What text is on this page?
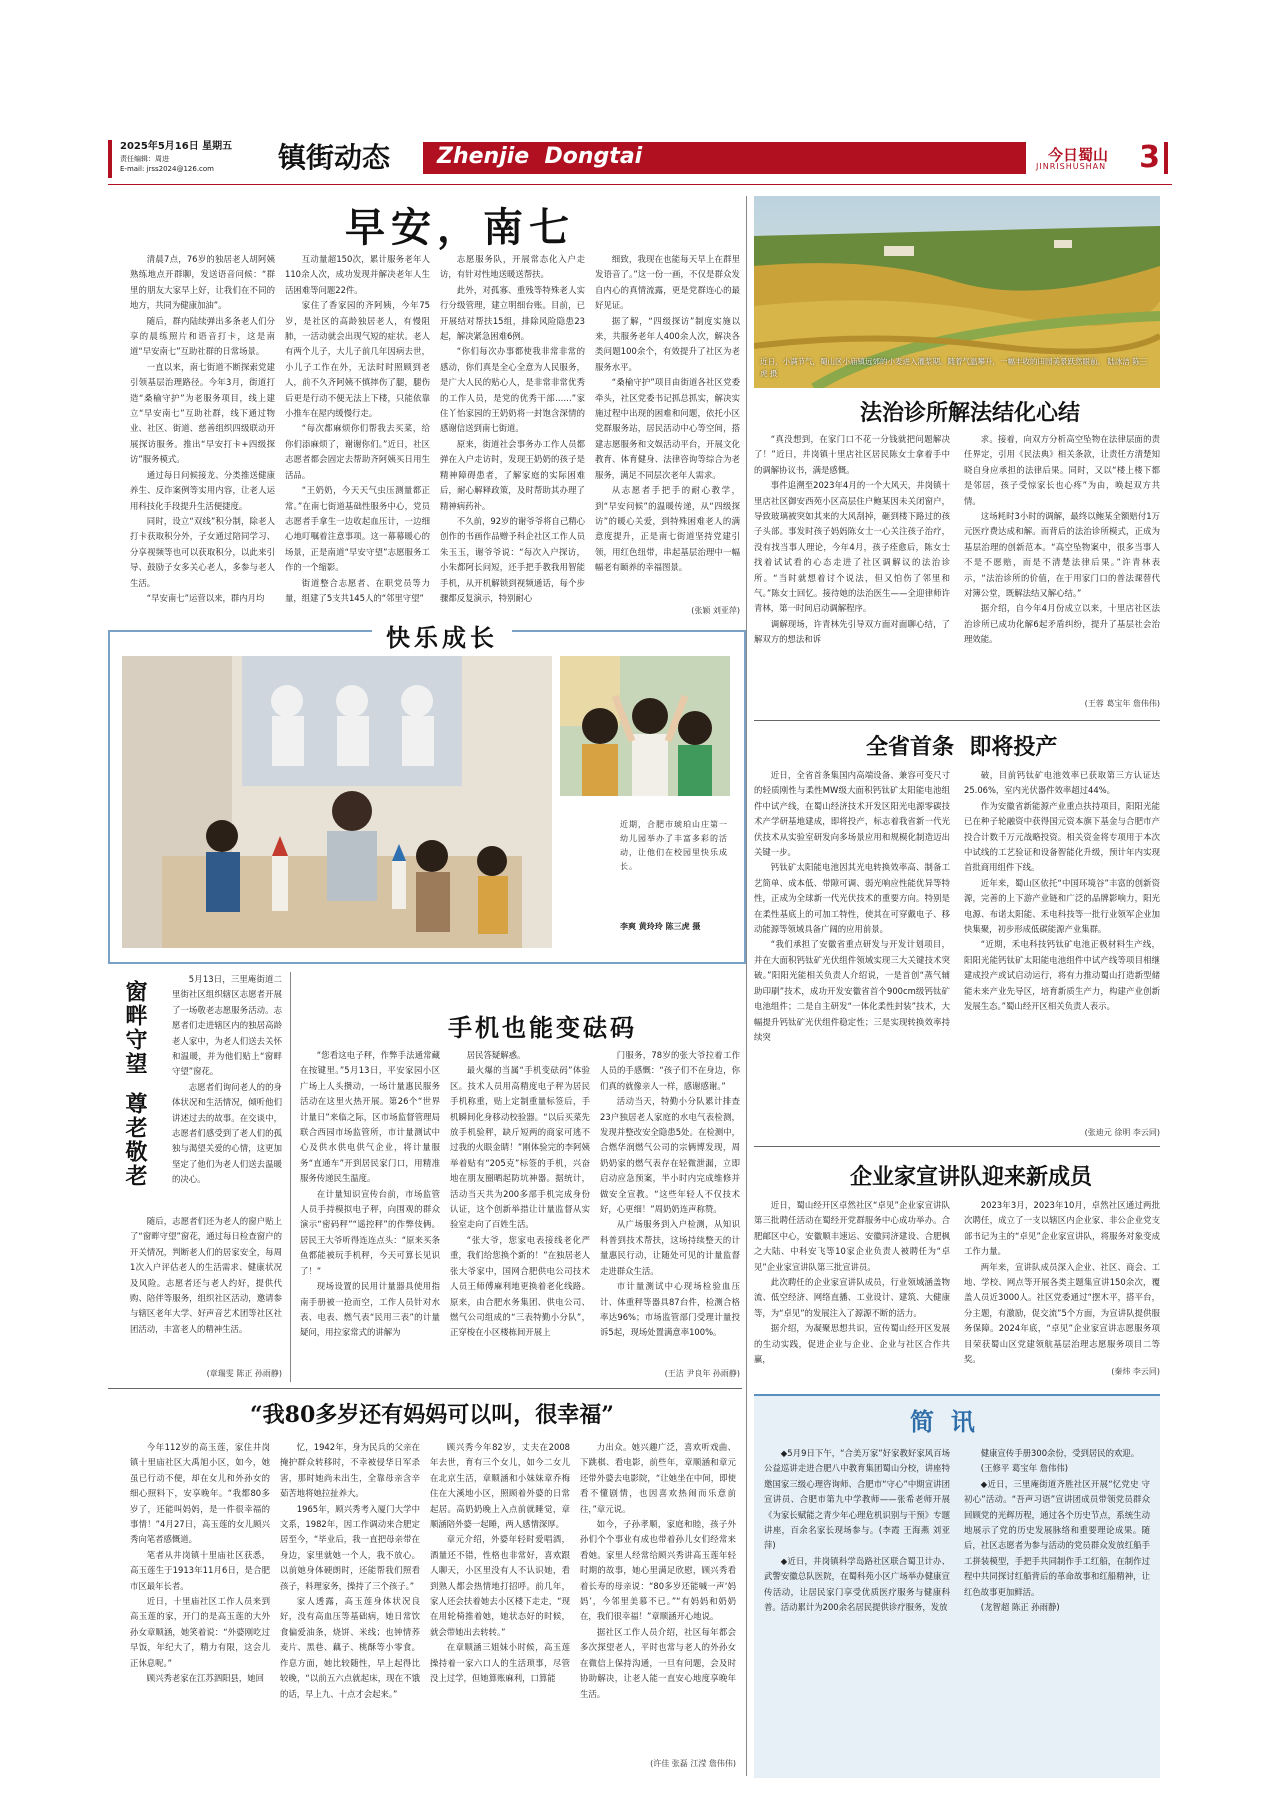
2025年5月16日 星期五
责任编辑：周进
E-mail: jrss2024@126.com	镇街动态 Zhenjie  Dongtai	今日蜀山
JINRISHUSHAN 3
早安，南七

清晨7点，76岁的独居老人胡阿姨熟练地点开群聊，发送语音问候：“群里的朋友大家早上好，让我们在不同的地方，共同为健康加油”。

随后，群内陆续弹出多条老人们分享的晨练照片和语音打卡，这是南道“早安南七”互助社群的日常场景。

一直以来，南七街道不断探索党建引领基层治理路径。今年3月，街道打造“桑榆守护”为老服务项目，线上建立“早安南七”互助社群，线下通过物业、社区、街道、慈善组织四级联动开展探访服务。推出“早安打卡+四级探访”服务模式。

通过每日问候接龙、分类推送健康养生、反诈案例等实用内容，让老人运用科技化手段提升生活便捷度。

同时，设立“双线”积分制，除老人打卡获取积分外，子女通过陪同学习、分享视频等也可以获取积分，以此来引导、鼓励子女多关心老人，多参与老人生活。

“早安南七”运营以来，群内月均

互动量超150次，累计服务老年人110余人次，成功发现并解决老年人生活困难等问题22件。

家住了香家园的齐阿姨，今年75岁，是社区的高龄独居老人，有慢阻肺，一活动就会出现气短的症状。老人有两个儿子，大儿子前几年因病去世，小儿子工作在外，无法时时照顾到老人，前不久齐阿姨不慎摔伤了腿，腿伤后更是行动不便无法上下楼，只能依靠小推车在屋内缓慢行走。

“每次都麻烦你们帮我去买菜，给你们添麻烦了，谢谢你们。”近日，社区志愿者都会固定去帮助齐阿姨买日用生活品。

“王奶奶，今天天气虫压测量都正常。”在南七街道基础性服务中心，党员志愿者手拿生一边收起血压计，一边细心地叮嘱着注意事项。这一幕幕暖心的场景，正是南道“早安守望”志愿服务工作的一个缩影。

街道整合志愿者、在职党员等力量，组建了5支共145人的“邻里守望”

志愿服务队，开展常态化入户走访，有针对性地送暖送帮扶。

此外，对孤寡、重残等特殊老人实行分级管理，建立明细台账。目前，已开展结对帮扶15组，排除风险隐患23起，解决紧急困难6例。

“你们每次办事都使我非常非常的感动，你们真是全心全意为人民服务，是广大人民的贴心人，是非常非常优秀的工作人员，是党的优秀干部……”家住丫怡家园的王奶奶将一封饱含深情的感谢信送到南七街道。

原来，街道社会事务办工作人员都弹在入户走访时，发现王奶奶的孩子是精神障碍患者，了解家庭的实际困难后，耐心解释政策，及时帮助其办理了精神病药补。

不久前，92岁的谢爷爷将自己精心创作的书画作品赠予科企社区工作人员朱玉玉，谢爷爷说：“每次入户探访，小朱都阿长问短，还手把手教我用智能手机，从开机解锁到视频通话，每个步骤都反复演示，特别耐心

细致，我现在也能每天早上在群里发语音了。”这一份一画，不仅是群众发自内心的真情流露，更是党群连心的最好见证。

据了解，“四级探访”制度实施以来，共服务老年人400余人次，解决各类问题100余个，有效提升了社区为老服务水平。

“桑榆守护”项目由街道各社区党委牵头，社区党委书记抓总抓实，解决实施过程中出现的困难和问题，依托小区党群服务站，居民活动中心等空间，搭建志愿服务和文娱活动平台，开展文化教育、体育健身、法律咨询等综合为老服务，满足不同层次老年人需求。

从志愿者手把手的耐心教学，到“早安问候”的温暖传递，从“四级探访”的暖心关爱，到特殊困难老人的满意度提升，正是南七街道坚持党建引领，用红色纽带，串起基层治理中一幅幅老有颐养的幸福图景。

(张颖 刘亚萍)
近日，小满节气，蜀山区小庙镇远郊的小麦进入灌浆期。随着气温攀升，一幅丰收的田园美景跃然眼前。 陆冰洁 陈三虎 摄
法治诊所解法结化心结

“真没想到，在家门口不花一分钱就把问题解决了！”近日，井岗镇十里店社区居民陈女士拿着手中的调解协议书，满是感慨。

事件追溯至2023年4月的一个大风天，井岗镇十里店社区御安西苑小区高层住户鲍某因未关闭窗户，导致玻璃被突如其来的大风刮掉，砸到楼下路过的孩子头部。事发时孩子妈妈陈女士一心关注孩子治疗，没有找当事人理论，今年4月，孩子痊愈后，陈女士找着试试看的心态走进了社区调解议的法治诊所。“当时就想着讨个说法，但又怕伤了邻里和气。”陈女士回忆。接待她的法治医生——全迎律师许青林，第一时间启动调解程序。

调解现场，许青林先引导双方面对面聊心结，了解双方的想法和诉

求。接着，向双方分析高空坠物在法律层面的责任界定，引用《民法典》相关条款，让责任方清楚知晓自身应承担的法律后果。同时，又以“楼上楼下都是邻居，孩子受惊家长也心疼”为由，唤起双方共情。

这场耗时3小时的调解，最终以鲍某全额赔付1万元医疗费达成和解。而背后的法治诊所模式，正成为基层治理的创新范本。“高空坠物案中，很多当事人不是不愿赔，而是不清楚法律后果。”许青林表示，“法治诊所的价值，在于用家门口的普法课替代对簿公堂，既解法结又解心结。”

据介绍，自今年4月份成立以来，十里店社区法治诊所已成功化解6起矛盾纠纷，提升了基层社会治理效能。

(王蓉 葛宝年 詹伟伟)
快乐成长
近期，合肥市琥珀山庄第一幼儿园举办了丰富多彩的活动，让他们在校园里快乐成长。
李爽 黄玲玲 陈三虎 摄
全省首条  即将投产

近日，全省首条集国内高端设备、兼容可变尺寸的轻质刚性与柔性MW级大面积钙钛矿太阳能电池组件中试产线，在蜀山经济技术开发区阳光电源零碳技术产学研基地建成，即将投产，标志着我省新一代光伏技术从实验室研发向多场景应用和规模化制造迈出关键一步。

钙钛矿太阳能电池因其光电转换效率高、制备工艺简单、成本低、带隙可调、弱光响应性能优异等特性，正成为全球新一代光伏技术的重要方向。特别是在柔性基底上的可加工特性，使其在可穿戴电子、移动能源等领域具备广阔的应用前景。

“我们承担了安徽省重点研发与开发计划项目，并在大面积钙钛矿光伏组件领域实现三大关键技术突破。”阳阳光能相关负责人介绍说，一是首创“蒸气辅助印刷”技术，成功开发安徽省首个900cm级钙钛矿电池组件；二是自主研发“一体化柔性封装”技术，大幅提升钙钛矿光伏组件稳定性；三是实现转换效率持续突

破，目前钙钛矿电池效率已获取第三方认证达25.06%，室内光伏器件效率超过44%。

作为安徽省新能源产业重点扶持项目，阳阳光能已在种子轮融资中获得国元资本旗下基金与合肥市产投合计数千万元战略投资。相关资金将专项用于本次中试线的工艺验证和设备智能化升级，预计年内实现首批商用组件下线。

近年来，蜀山区依托“中国环境谷”丰富的创新资源，完善的上下游产业链和广泛的品牌影响力，阳光电源、布诺太阳能、禾电科技等一批行业领军企业加快集聚，初步形成低碳能源产业集群。

“近期，禾电科技钙钛矿电池正极材料生产线，阳阳光能钙钛矿太阳能电池组件中试产线等项目相继建成投产或试启动运行，将有力推动蜀山打造新型储能未来产业先导区，培育新质生产力，构建产业创新发展生态。”蜀山经开区相关负责人表示。

(张迪元 徐明 李云同)
窗畔守望
尊老敬老

5月13日，三里庵街道二里街社区组织辖区志愿者开展了一场敬老志愿服务活动。志愿者们走进辖区内的独居高龄老人家中，为老人们送去关怀和温暖，并为他们贴上“窗畔守望”窗花。

志愿者们询问老人的的身体状况和生活情况，倾听他们讲述过去的故事。在交谈中，志愿者们感受到了老人们的孤独与渴望关爱的心情，这更加坚定了他们为老人们送去温暖的决心。

随后，志愿者们还为老人的窗户贴上了“窗畔守望”窗花，通过每日检查窗户的开关情况，判断老人们的居家安全，每周1次入户评估老人的生活需求、健康状况及风险。志愿者还与老人约好，提供代购、陪伴等服务，组织社区活动，邀请参与辖区老年大学、好声音艺术团等社区社团活动，丰富老人的精神生活。

(章瑞雯 陈正 孙雨静)
手机也能变砝码

“您看这电子秤，作弊手法通常藏在按键里。”5月13日，平安家园小区广场上人头攒动，一场计量惠民服务活动在这里火热开展。第26个“世界计量日”来临之际，区市场监督管理局联合西园市场监管所，市计量测试中心及供水供电供气企业，将计量服务“直通车”开到居民家门口，用精准服务传递民生温度。

在计量知识宣传台前，市场监管人员手持模拟电子秤，向围观的群众演示“密码秤”“遥控秤”的作弊伎俩。居民王大爷听得连连点头：“原来买条鱼都能被玩手机秤，今天可算长见识了！”

现场设置的民用计量器具使用指南手册被一抢而空，工作人员针对水表、电表、燃气表“民用三表”的计量疑问，用拉家常式的讲解为

居民答疑解惑。

最火爆的当属“手机变砝码”体验区。技术人员用高精度电子秤为居民手机称重，贴上定制重量标签后，手机瞬间化身移动校验器。“以后买菜先放手机验秤，缺斤短两的商家可逃不过我的火眼金睛！”刚体验完的李阿姨举着贴有“205克”标签的手机，兴奋地在朋友圈晒起防坑神器。据统计，活动当天共为200多部手机完成身份认证，这个创新举措让计量监督从实验室走向了百姓生活。

“张大爷，您家电表接线老化严重，我们给您换个新的！”在独居老人张大爷家中，国网合肥供电公司技术人员王师傅麻利地更换着老化线路。原来，由合肥水务集团、供电公司、燃气公司组成的“三表特勤小分队”，正穿梭在小区楼栋间开展上

门服务，78岁的张大爷拉着工作人员的手感慨：“孩子们不在身边，你们真的就像亲人一样，感谢感谢。”

活动当天，特勤小分队累计排查23户独居老人家庭的水电气表检测，发现并整改安全隐患5处。在检测中，合燃华润燃气公司的宗俩博发现，周奶奶家的燃气表存在轻微泄漏，立即启动应急预案，半小时内完成维修并做安全宣教。“这些年轻人不仅技术好，心更细！”周奶奶连声称赞。

从广场服务到入户检测，从知识科普到技术帮扶，这场持续整天的计量惠民行动，让随处可见的计量监督走进群众生活。

市计量测试中心现场检验血压计、体重秤等器具87台件，检测合格率达96%；市场监管部门受理计量投诉5起，现场处置满意率100%。

(王洁 尹良年 孙雨静)
企业家宣讲队迎来新成员

近日，蜀山经开区卓然社区“卓见”企业家宣讲队第三批聘任活动在蜀经开党群服务中心成功举办。合肥邮区中心，安徽顺丰速运、安徽同济建设、合肥枫之大陆、中科安飞等10家企业负责人被聘任为“卓见”企业家宣讲队第三批宣讲员。

此次聘任的企业家宣讲队成员，行业领域涵盖物流、低空经济、网络直播、工业设计、建筑、大健康等，为“卓见”的发展注入了源源不断的活力。

据介绍，为凝聚思想共识，宣传蜀山经开区发展的生动实践，促进企业与企业、企业与社区合作共赢，

2023年3月，2023年10月，卓然社区通过两批次聘任，成立了一支以辖区内企业家、非公企业党支部书记为主的“卓见”企业家宣讲队，将服务对象变成工作力量。

两年来，宣讲队成员深入企业、社区、商会、工地、学校、网点等开展各类主题集宣讲150余次，覆盖人员近3000人。社区党委通过“摆木平，搭平台，分主题，有激励，促交流”5个方面，为宣讲队提供服务保障。2024年底，“卓见”企业家宣讲志愿服务项目荣获蜀山区党建领航基层治理志愿服务项目二等奖。

(秦炜 李云同)
“我80多岁还有妈妈可以叫，很幸福”

今年112岁的高玉莲，家住井岗镇十里庙社区大禹旭小区，如今，她虽已行动不便，却在女儿和外孙女的细心照料下，安享晚年。“我都80多岁了，还能叫妈妈，是一件很幸福的事情！”4月27日，高玉莲的女儿顾兴秀向笔者感慨道。

笔者从井岗镇十里庙社区获悉，高玉莲生于1913年11月6日，是合肥市区最年长者。

近日，十里庙社区工作人员来到高玉莲的家，开门的是高玉莲的大外孙女章顺涵，她笑着说：“外婆刚吃过早饭，年纪大了，精力有限，这会儿正休息呢。”

顾兴秀老家在江苏泗阳县，她回

忆，1942年，身为民兵的父亲在掩护群众转移时，不幸被侵华日军杀害，那时她尚未出生，全靠母亲含辛茹苦地将她拉扯养大。

1965年，顾兴秀考入厦门大学中文系，1982年，因工作调动来合肥定居至今，“毕业后，我一直把母亲带在身边，家里就她一个人，我不放心。以前她身体硬朗时，还能帮我们照看孩子，料理家务，操持了三个孩子。”

家人透露，高玉莲身体状况良好，没有高血压等基础病，她日常饮食偏爱油条，烧饼、米线；也钟情荞麦片、黑巷、藕子、桃酥等小零食。作息方面，她比较随性，早上起得比较晚，“以前五六点就起床，现在不饿的话，早上九、十点才会起来。”

顾兴秀今年82岁，丈夫在2008年去世，育有三个女儿，如今二女儿在北京生活，章顺涵和小妹妹章乔梅住在大溪地小区，照顾着外婆的日常起居。高奶奶晚上入点前就睡觉，章顺涵陪外婆一起睡，两人感情深厚。

章元介绍，外婆年轻时爱唱酒，酒量还不错，性格也非常好，喜欢跟人聊天，小区里没有人不认识她，看到熟人都会热情地打招呼。前几年，家人还会扶着她去小区楼下走走，“现在用轮椅推着她，她状态好的时候，就会带她出去转转。”

在章顺涵三姐妹小时候，高玉莲操持着一家六口人的生活琐事，尽管没上过学，但她算账麻利，口算能

力出众。她兴趣广泛，喜欢听戏曲、下跳棋、看电影，前些年，章顺涵和章元还带外婆去电影院，“让她坐在中间，即使看不懂剧情，也因喜欢热闹而乐意前往，”章元说。

如今，子孙孝顺，家庭和睦，孩子外孙们个个事业有成也带着孙儿女们经常来看她。家里人经常给顾兴秀讲高玉莲年轻时期的故事，她心里满足欣慰，顾兴秀看着长寿的母亲说：“80多岁还能喊一声‘妈妈’，今邻里美慕不已。”“有妈妈和奶奶在，我们很幸福！”章顺涵开心地说。

据社区工作人员介绍，社区每年都会多次探望老人，平时也常与老人的外孙女在微信上保持沟通，一旦有问题，会及时协助解决，让老人能一直安心地度享晚年生活。

(许佳 张磊 江滢 詹伟伟)
简  讯

◆5月9日下午，“合美万家”好家教好家风百场公益巡讲走进合肥八中教育集团蜀山分校，讲座特邀国家三级心理咨询师、合肥市“守心”中期宣讲团宣讲员、合肥市第九中学教师——张希老师开展《为家长赋能之青少年心理危机识别与干预》专题讲座，百余名家长现场参与。(李霞 王海燕 刘亚萍)

◆近日，井岗镇科学岛路社区联合蜀卫计办、武警安徽总队医院，在蜀科苑小区广场举办健康宣传活动，让居民家门享受优质医疗服务与健康科普。活动累计为200余名居民提供诊疗服务，发放

健康宣传手册300余份，受到居民的欢迎。

(王修平 葛宝年 詹伟伟)

◆近日，三里庵街道齐胜社区开展“忆党史 守初心”活动。“吾声习语”宣讲团成员带领党员群众回顾党的光辉历程，通过各个历史节点，系统生动地展示了党的历史发展脉络和重要理论成果。随后，社区志愿者为参与活动的党员群众发放红船手工拼装模型，手把手共同制作手工红船，在制作过程中共同探讨红船背后的革命故事和红船精神，让红色故事更加鲜活。

(龙智超 陈正 孙雨静)
